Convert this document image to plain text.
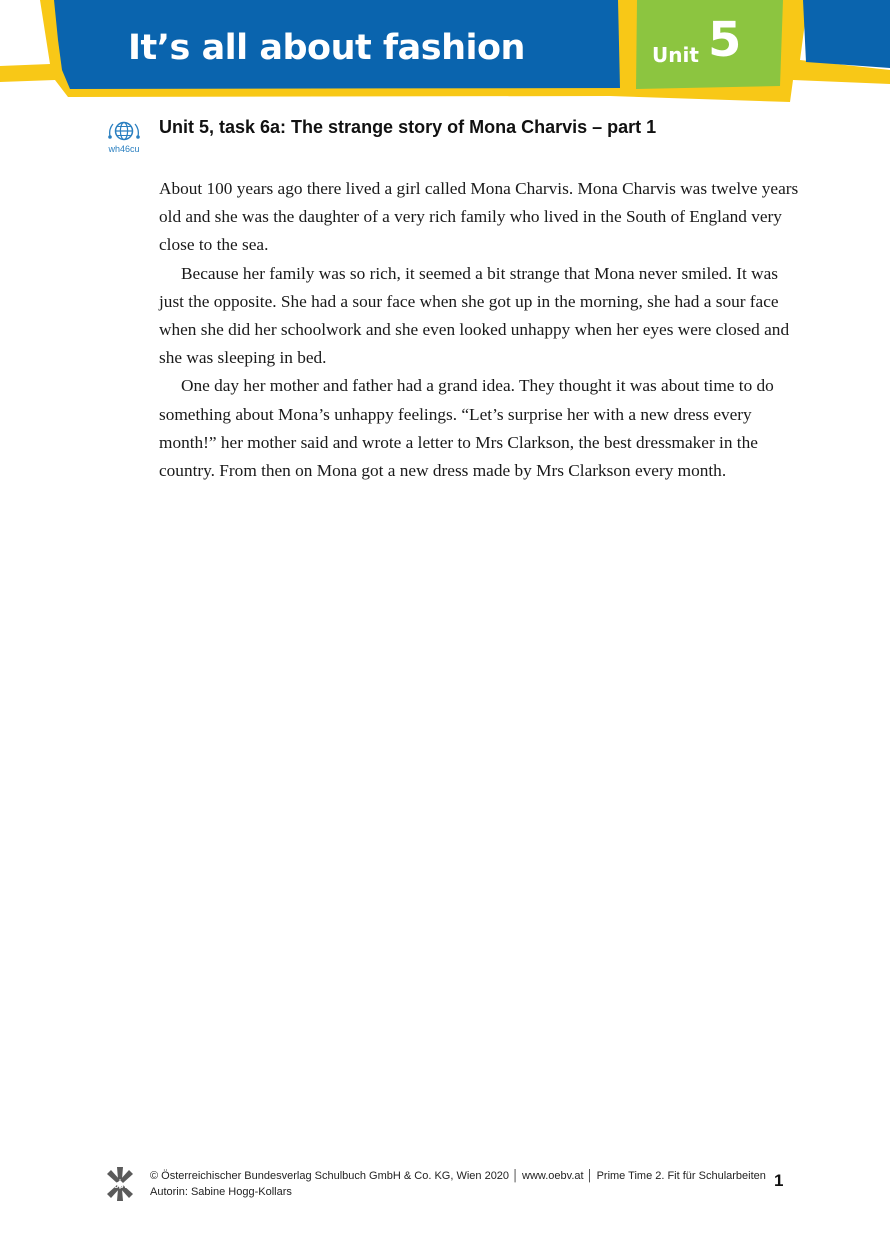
It’s all about fashion	Unit 5
wh46cu
Unit 5, task 6a: The strange story of Mona Charvis – part 1

About 100 years ago there lived a girl called Mona Charvis. Mona Charvis was twelve years old and she was the daughter of a very rich family who lived in the South of England very close to the sea.

Because her family was so rich, it seemed a bit strange that Mona never smiled. It was just the opposite. She had a sour face when she got up in the morning, she had a sour face when she did her schoolwork and she even looked unhappy when her eyes were closed and she was sleeping in bed.

One day her mother and father had a grand idea. They thought it was about time to do something about Mona’s unhappy feelings. “Let’s surprise her with a new dress every month!” her mother said and wrote a letter to Mrs Clarkson, the best dressmaker in the country. From then on Mona got a new dress made by Mrs Clarkson every month.

öbv
© Österreichischer Bundesverlag Schulbuch GmbH & Co. KG, Wien 2020 │ www.oebv.at │ Prime Time 2. Fit für Schularbeiten
Autorin: Sabine Hogg-Kollars
1
